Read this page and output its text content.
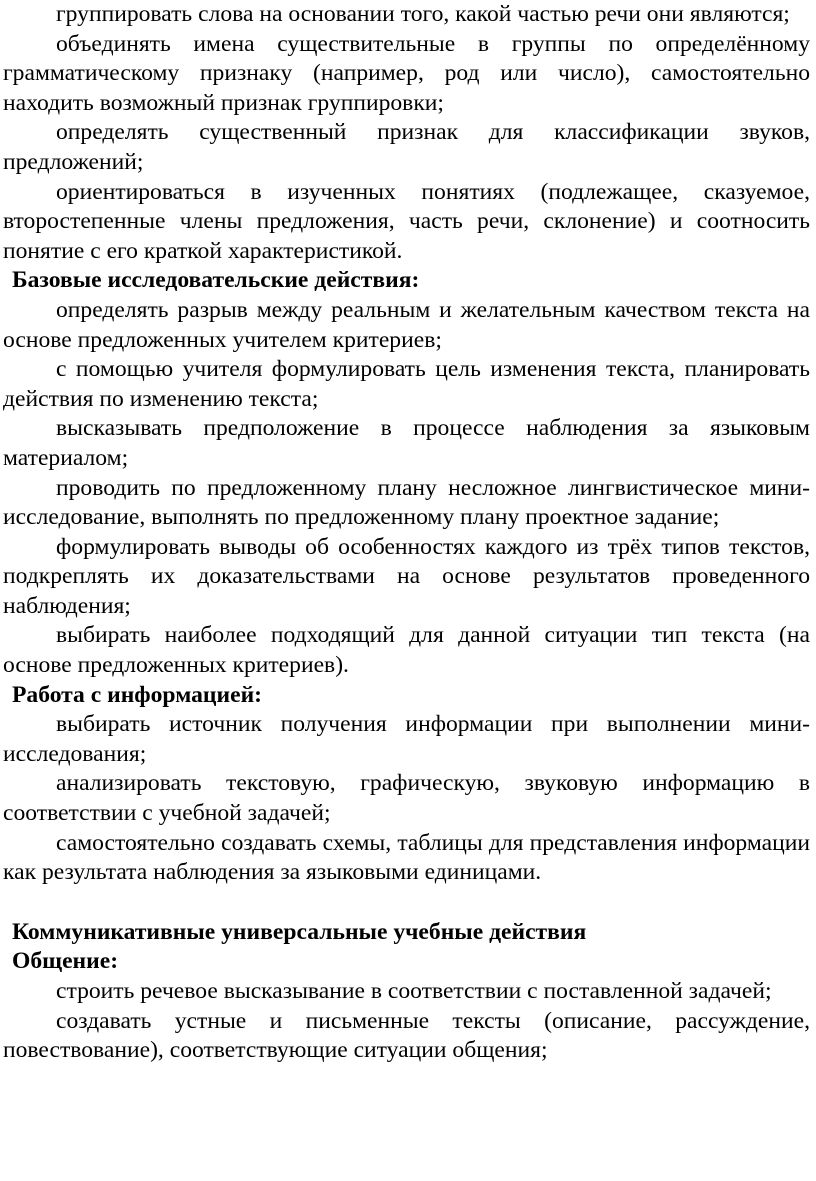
группировать слова на основании того, какой частью речи они являются;

объединять имена существительные в группы по определённому грамматическому признаку (например, род или число), самостоятельно находить возможный признак группировки;

определять существенный признак для классификации звуков, предложений;

ориентироваться в изученных понятиях (подлежащее, сказуемое, второстепенные члены предложения, часть речи, склонение) и соотносить понятие с его краткой характеристикой.

Базовые исследовательские действия:

определять разрыв между реальным и желательным качеством текста на основе предложенных учителем критериев;

с помощью учителя формулировать цель изменения текста, планировать действия по изменению текста;

высказывать предположение в процессе наблюдения за языковым материалом;

проводить по предложенному плану несложное лингвистическое мини-исследование, выполнять по предложенному плану проектное задание;

формулировать выводы об особенностях каждого из трёх типов текстов, подкреплять их доказательствами на основе результатов проведенного наблюдения;

выбирать наиболее подходящий для данной ситуации тип текста (на основе предложенных критериев).

Работа с информацией:

выбирать источник получения информации при выполнении мини-исследования;

анализировать текстовую, графическую, звуковую информацию в соответствии с учебной задачей;

самостоятельно создавать схемы, таблицы для представления информации как результата наблюдения за языковыми единицами.

Коммуникативные универсальные учебные действия
Общение:

строить речевое высказывание в соответствии с поставленной задачей;

создавать устные и письменные тексты (описание, рассуждение, повествование), соответствующие ситуации общения;
